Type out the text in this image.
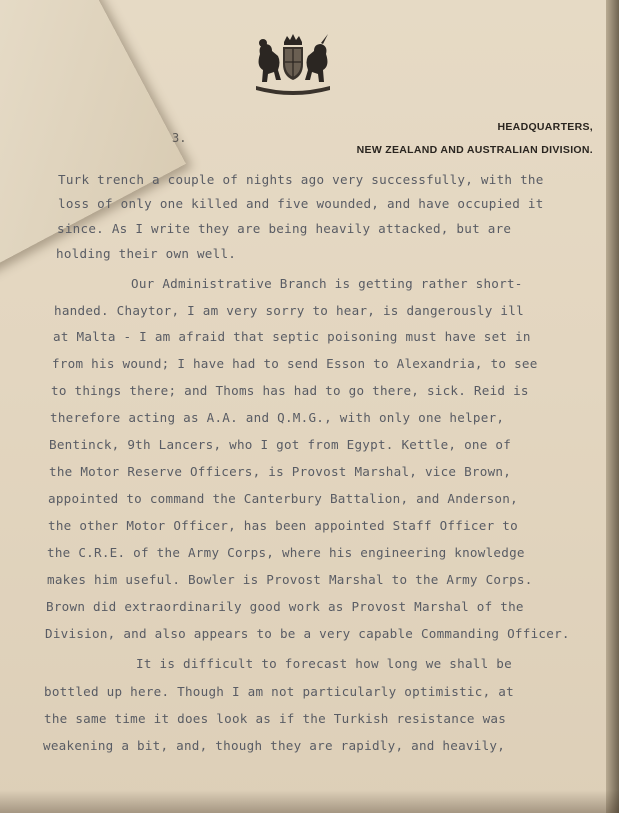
HEADQUARTERS,
NEW ZEALAND AND AUSTRALIAN DIVISION.
3.
Turk trench a couple of nights ago very successfully, with the
loss of only one killed and five wounded, and have occupied it
since. As I write they are being heavily attacked, but are
holding their own well.
Our Administrative Branch is getting rather short-
handed. Chaytor, I am very sorry to hear, is dangerously ill
at Malta - I am afraid that septic poisoning must have set in
from his wound; I have had to send Esson to Alexandria, to see
to things there; and Thoms has had to go there, sick. Reid is
therefore acting as A.A. and Q.M.G., with only one helper,
Bentinck, 9th Lancers, who I got from Egypt. Kettle, one of
the Motor Reserve Officers, is Provost Marshal, vice Brown,
appointed to command the Canterbury Battalion, and Anderson,
the other Motor Officer, has been appointed Staff Officer to
the C.R.E. of the Army Corps, where his engineering knowledge
makes him useful. Bowler is Provost Marshal to the Army Corps.
Brown did extraordinarily good work as Provost Marshal of the
Division, and also appears to be a very capable Commanding Officer.
It is difficult to forecast how long we shall be
bottled up here. Though I am not particularly optimistic, at
the same time it does look as if the Turkish resistance was
weakening a bit, and, though they are rapidly, and heavily,
